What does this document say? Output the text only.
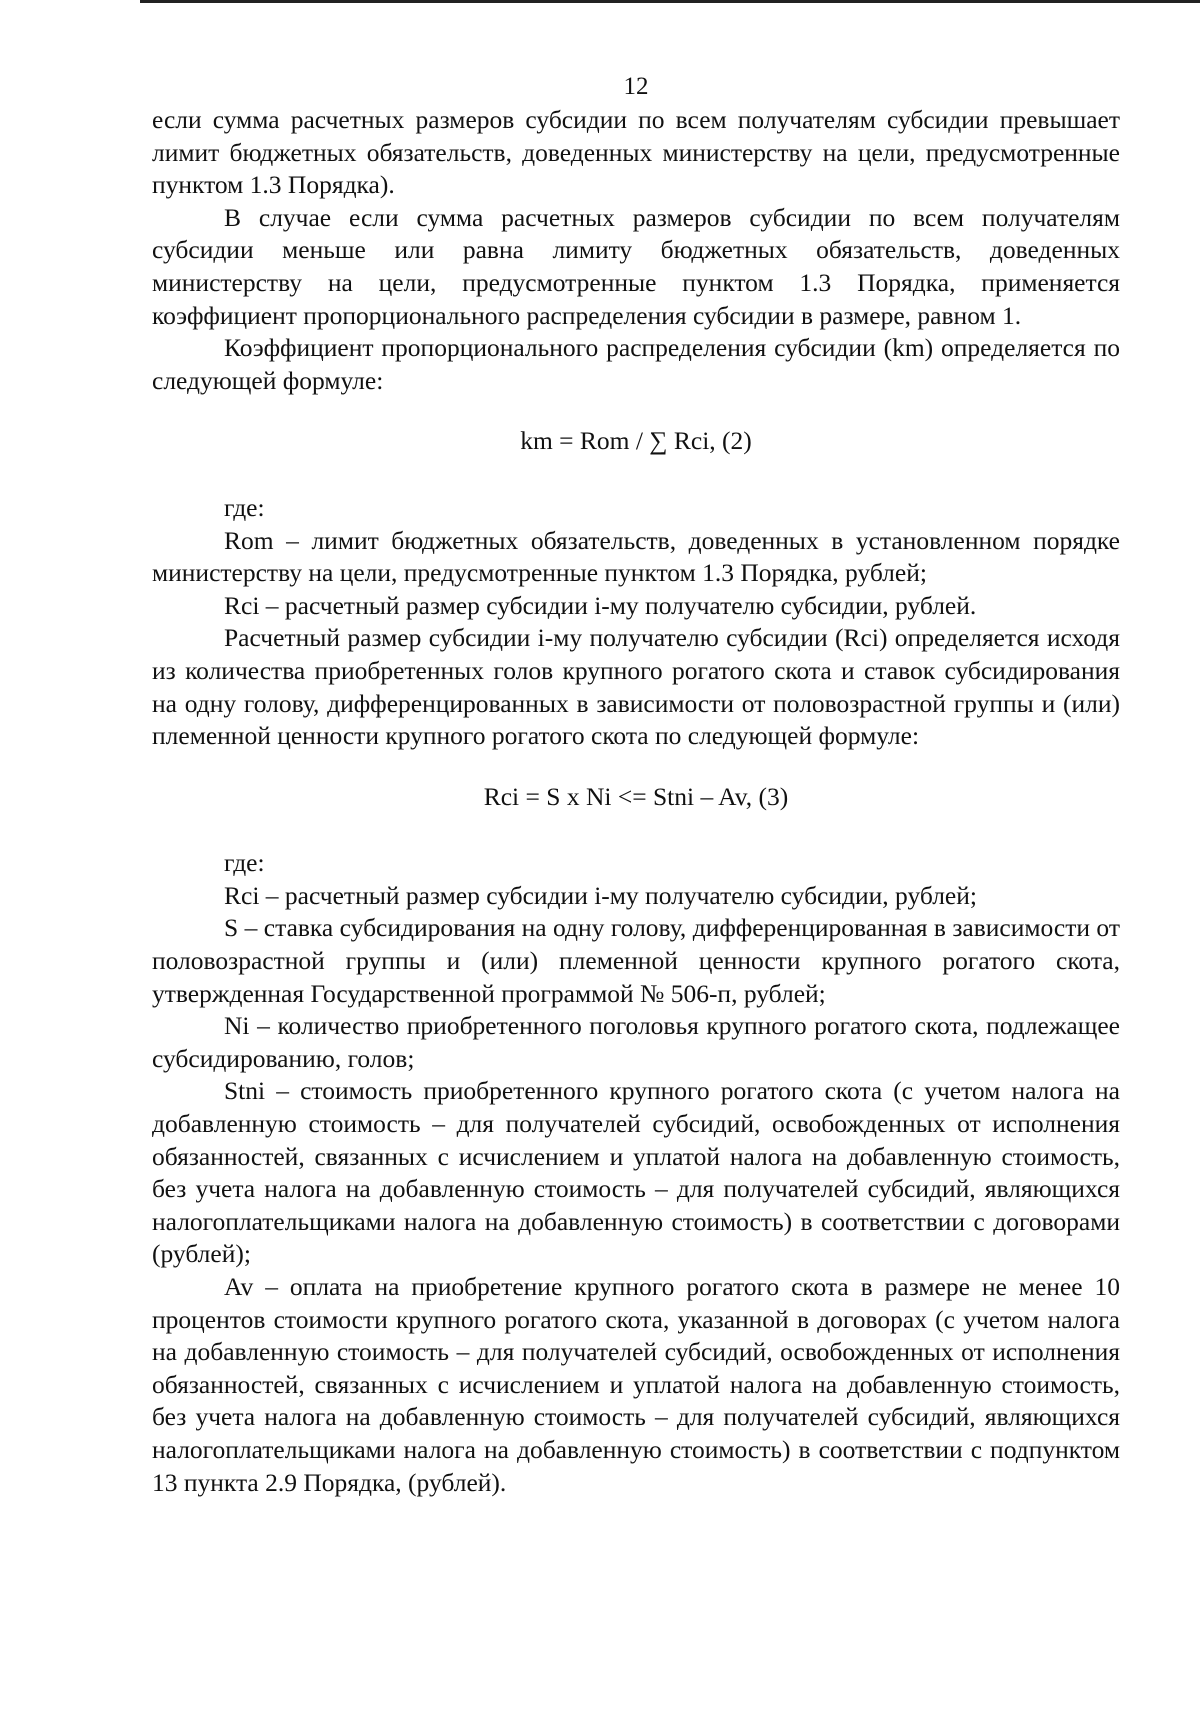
12

если сумма расчетных размеров субсидии по всем получателям субсидии превышает лимит бюджетных обязательств, доведенных министерству на цели, предусмотренные пунктом 1.3 Порядка).

В случае если сумма расчетных размеров субсидии по всем получателям субсидии меньше или равна лимиту бюджетных обязательств, доведенных министерству на цели, предусмотренные пунктом 1.3 Порядка, применяется коэффициент пропорционального распределения субсидии в размере, равном 1.

Коэффициент пропорционального распределения субсидии (km) определяется по следующей формуле:

km = Rom / ∑ Rci, (2)

где:

Rom – лимит бюджетных обязательств, доведенных в установленном порядке министерству на цели, предусмотренные пунктом 1.3 Порядка, рублей;

Rci – расчетный размер субсидии i-му получателю субсидии, рублей.

Расчетный размер субсидии i-му получателю субсидии (Rci) определяется исходя из количества приобретенных голов крупного рогатого скота и ставок субсидирования на одну голову, дифференцированных в зависимости от половозрастной группы и (или) племенной ценности крупного рогатого скота по следующей формуле:

Rci = S x Ni <= Stni – Av, (3)

где:

Rci – расчетный размер субсидии i-му получателю субсидии, рублей;

S – ставка субсидирования на одну голову, дифференцированная в зависимости от половозрастной группы и (или) племенной ценности крупного рогатого скота, утвержденная Государственной программой № 506-п, рублей;

Ni – количество приобретенного поголовья крупного рогатого скота, подлежащее субсидированию, голов;

Stni – стоимость приобретенного крупного рогатого скота (с учетом налога на добавленную стоимость – для получателей субсидий, освобожденных от исполнения обязанностей, связанных с исчислением и уплатой налога на добавленную стоимость, без учета налога на добавленную стоимость – для получателей субсидий, являющихся налогоплательщиками налога на добавленную стоимость) в соответствии с договорами (рублей);

Av – оплата на приобретение крупного рогатого скота в размере не менее 10 процентов стоимости крупного рогатого скота, указанной в договорах (с учетом налога на добавленную стоимость – для получателей субсидий, освобожденных от исполнения обязанностей, связанных с исчислением и уплатой налога на добавленную стоимость, без учета налога на добавленную стоимость – для получателей субсидий, являющихся налогоплательщиками налога на добавленную стоимость) в соответствии с подпунктом 13 пункта 2.9 Порядка, (рублей).
